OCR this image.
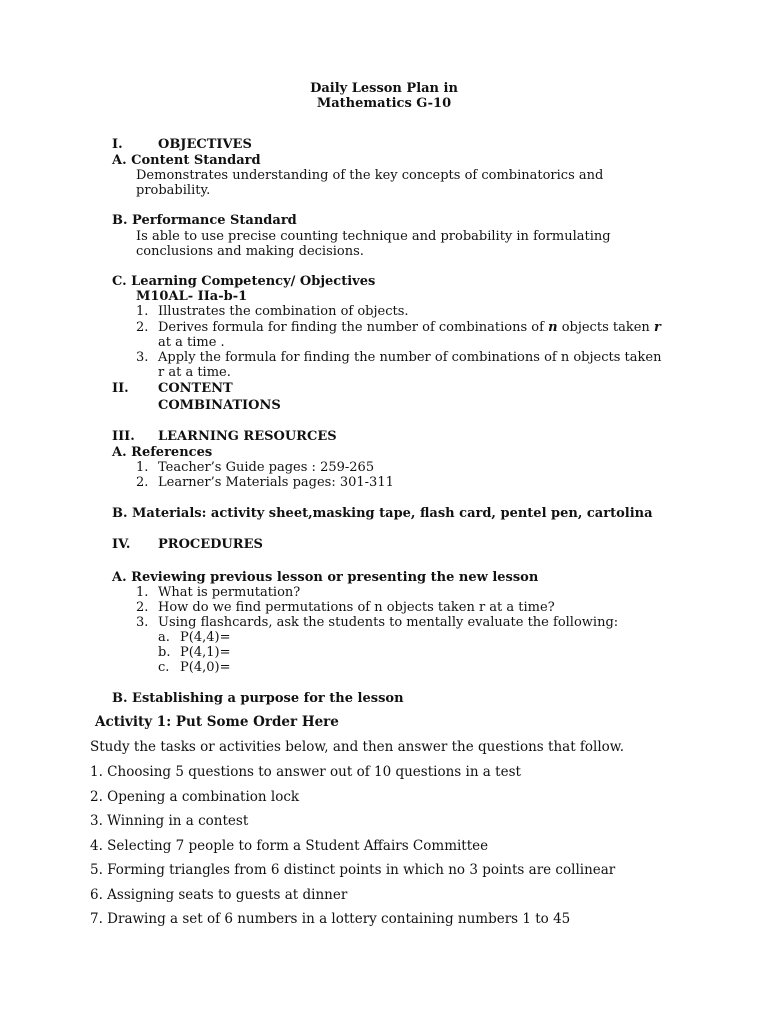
Daily Lesson Plan in
Mathematics G-10
I.	OBJECTIVES
A. Content Standard
Demonstrates understanding of the key concepts of combinatorics and
probability.
B. Performance Standard
Is able to use precise counting technique and probability in formulating
conclusions and making decisions.
C. Learning Competency/ Objectives
M10AL- IIa-b-1
1. Illustrates the combination of objects.
2. Derives formula for finding the number of combinations of n objects taken r
at a time .
3. Apply the formula for finding the number of combinations of n objects taken
r at a time.
II. CONTENT
COMBINATIONS
III. LEARNING RESOURCES
A. References
1. Teacher’s Guide pages : 259-265
2. Learner’s Materials pages: 301-311
B. Materials: activity sheet,masking tape, flash card, pentel pen, cartolina
IV. PROCEDURES
A. Reviewing previous lesson or presenting the new lesson
1. What is permutation?
2. How do we find permutations of n objects taken r at a time?
3. Using flashcards, ask the students to mentally evaluate the following:
a. P(4,4)=
b. P(4,1)=
c. P(4,0)=
B. Establishing a purpose for the lesson
Activity 1: Put Some Order Here
Study the tasks or activities below, and then answer the questions that follow.
1. Choosing 5 questions to answer out of 10 questions in a test
2. Opening a combination lock
3. Winning in a contest
4. Selecting 7 people to form a Student Affairs Committee
5. Forming triangles from 6 distinct points in which no 3 points are collinear
6. Assigning seats to guests at dinner
7. Drawing a set of 6 numbers in a lottery containing numbers 1 to 45
